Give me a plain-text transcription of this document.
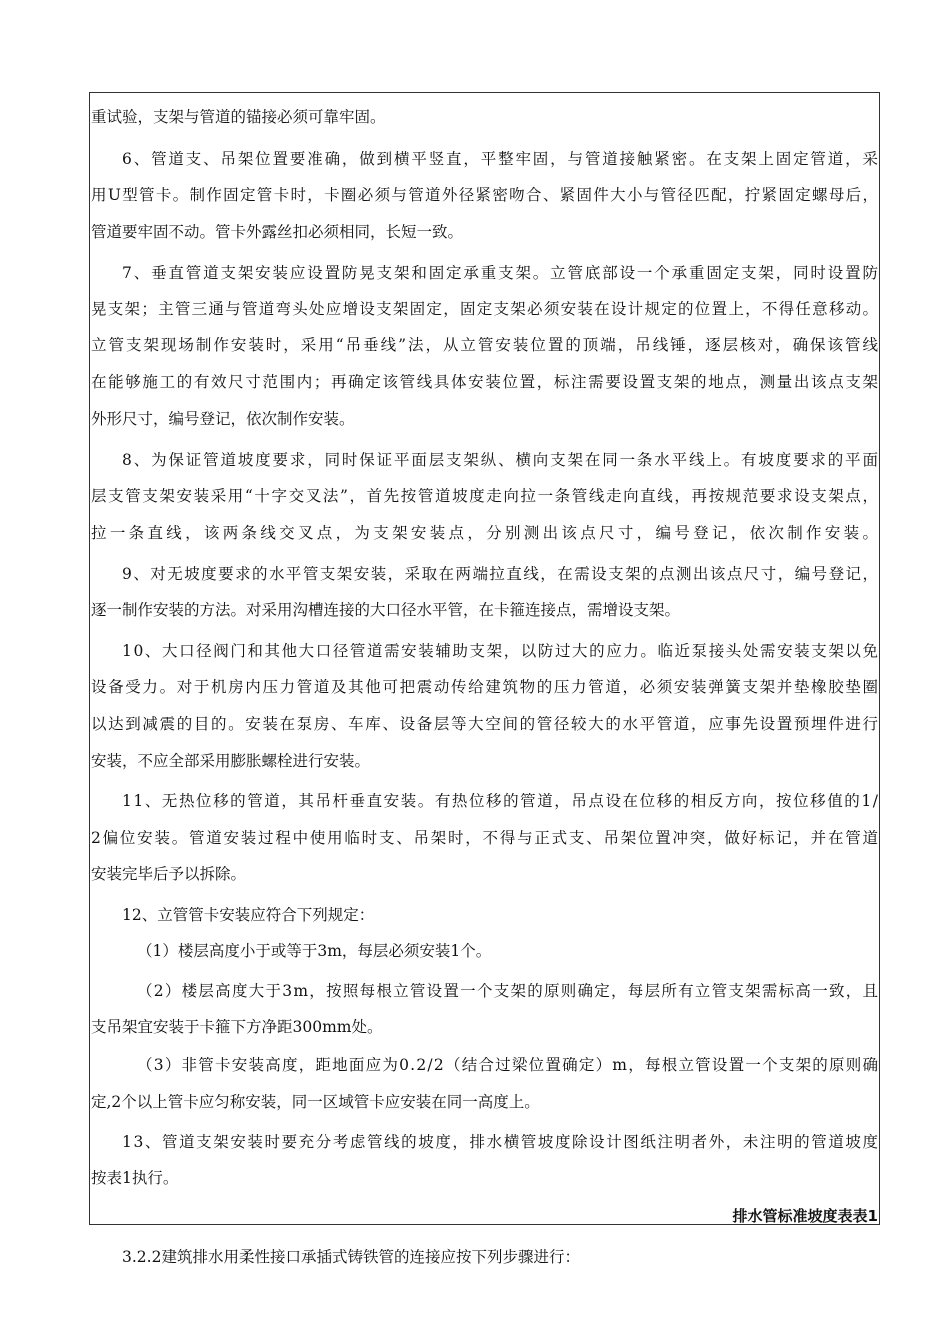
重试验，支架与管道的锚接必须可靠牢固。
6、管道支、吊架位置要准确，做到横平竖直，平整牢固，与管道接触紧密。在支架上固定管道，采
用U型管卡。制作固定管卡时，卡圈必须与管道外径紧密吻合、紧固件大小与管径匹配，拧紧固定螺母后，
管道要牢固不动。管卡外露丝扣必须相同，长短一致。
7、垂直管道支架安装应设置防晃支架和固定承重支架。立管底部设一个承重固定支架，同时设置防
晃支架；主管三通与管道弯头处应增设支架固定，固定支架必须安装在设计规定的位置上，不得任意移动。
立管支架现场制作安装时，采用“吊垂线”法，从立管安装位置的顶端，吊线锤，逐层核对，确保该管线
在能够施工的有效尺寸范围内；再确定该管线具体安装位置，标注需要设置支架的地点，测量出该点支架
外形尺寸，编号登记，依次制作安装。
8、为保证管道坡度要求，同时保证平面层支架纵、横向支架在同一条水平线上。有坡度要求的平面
层支管支架安装采用“十字交叉法”，首先按管道坡度走向拉一条管线走向直线，再按规范要求设支架点，
拉一条直线，该两条线交叉点，为支架安装点，分别测出该点尺寸，编号登记，依次制作安装。
9、对无坡度要求的水平管支架安装，采取在两端拉直线，在需设支架的点测出该点尺寸，编号登记，
逐一制作安装的方法。对采用沟槽连接的大口径水平管，在卡箍连接点，需增设支架。
10、大口径阀门和其他大口径管道需安装辅助支架，以防过大的应力。临近泵接头处需安装支架以免
设备受力。对于机房内压力管道及其他可把震动传给建筑物的压力管道，必须安装弹簧支架并垫橡胶垫圈
以达到减震的目的。安装在泵房、车库、设备层等大空间的管径较大的水平管道，应事先设置预埋件进行
安装，不应全部采用膨胀螺栓进行安装。
11、无热位移的管道，其吊杆垂直安装。有热位移的管道，吊点设在位移的相反方向，按位移值的1/
2偏位安装。管道安装过程中使用临时支、吊架时，不得与正式支、吊架位置冲突，做好标记，并在管道
安装完毕后予以拆除。
12、立管管卡安装应符合下列规定：
（1）楼层高度小于或等于3m，每层必须安装1个。
（2）楼层高度大于3m，按照每根立管设置一个支架的原则确定，每层所有立管支架需标高一致，且
支吊架宜安装于卡箍下方净距300mm处。
（3）非管卡安装高度，距地面应为0.2/2（结合过梁位置确定）m，每根立管设置一个支架的原则确
定,2个以上管卡应匀称安装，同一区域管卡应安装在同一高度上。
13、管道支架安装时要充分考虑管线的坡度，排水横管坡度除设计图纸注明者外，未注明的管道坡度
按表1执行。
排水管标准坡度表表1
3.2.2建筑排水用柔性接口承插式铸铁管的连接应按下列步骤进行：
